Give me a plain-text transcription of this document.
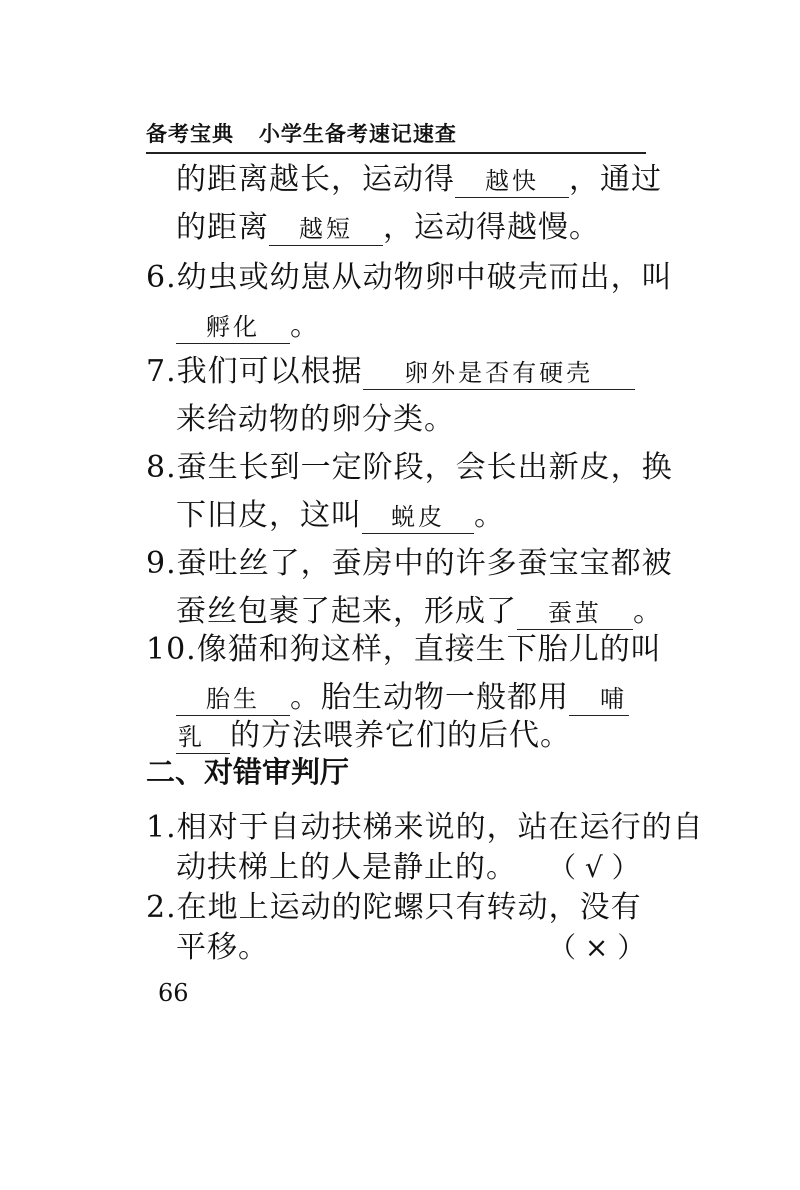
备考宝典   小学生备考速记速查
的距离越长，运动得 越快 ，通过
的距离 越短 ，运动得越慢。
6.幼虫或幼崽从动物卵中破壳而出，叫
孵化 。
7.我们可以根据 卵外是否有硬壳
来给动物的卵分类。
8.蚕生长到一定阶段，会长出新皮，换
下旧皮，这叫 蜕皮 。
9.蚕吐丝了，蚕房中的许多蚕宝宝都被
蚕丝包裹了起来，形成了 蚕茧 。
10.像猫和狗这样，直接生下胎儿的叫
胎生 。胎生动物一般都用 哺
乳 的方法喂养它们的后代。
二、对错审判厅
1.相对于自动扶梯来说的，站在运行的自
动扶梯上的人是静止的。 （ √ ）
2.在地上运动的陀螺只有转动，没有
平移。	（ × ）
66
